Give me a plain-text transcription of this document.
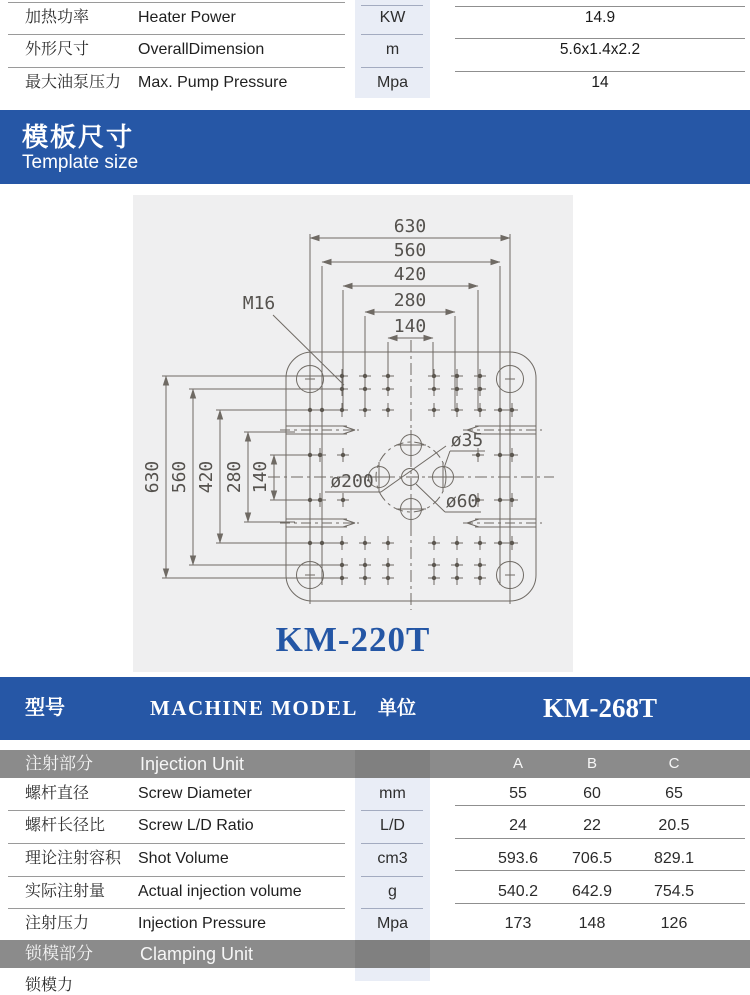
加热功率	Heater Power	KW	14.9
外形尺寸	OverallDimension	m	5.6x1.4x2.2
最大油泵压力 Max. Pump Pressure	Mpa	14
模板尺寸
Template size
630
560
420
280
140
630 560 420 280 140
M16
ø200
ø35
ø60
KM-220T
型号	MACHINE MODEL 单位	KM-268T
注射部分	Injection Unit	A	B	C
螺杆直径	Screw Diameter	mm	55	60	65
螺杆长径比 Screw L/D Ratio	L/D	24	22	20.5
理论注射容积 Shot Volume	cm3	593.6	706.5	829.1
实际注射量 Actual injection volume	g	540.2	642.9	754.5
注射压力	Injection Pressure	Mpa	173	148	126
锁模部分	Clamping Unit
锁模力
